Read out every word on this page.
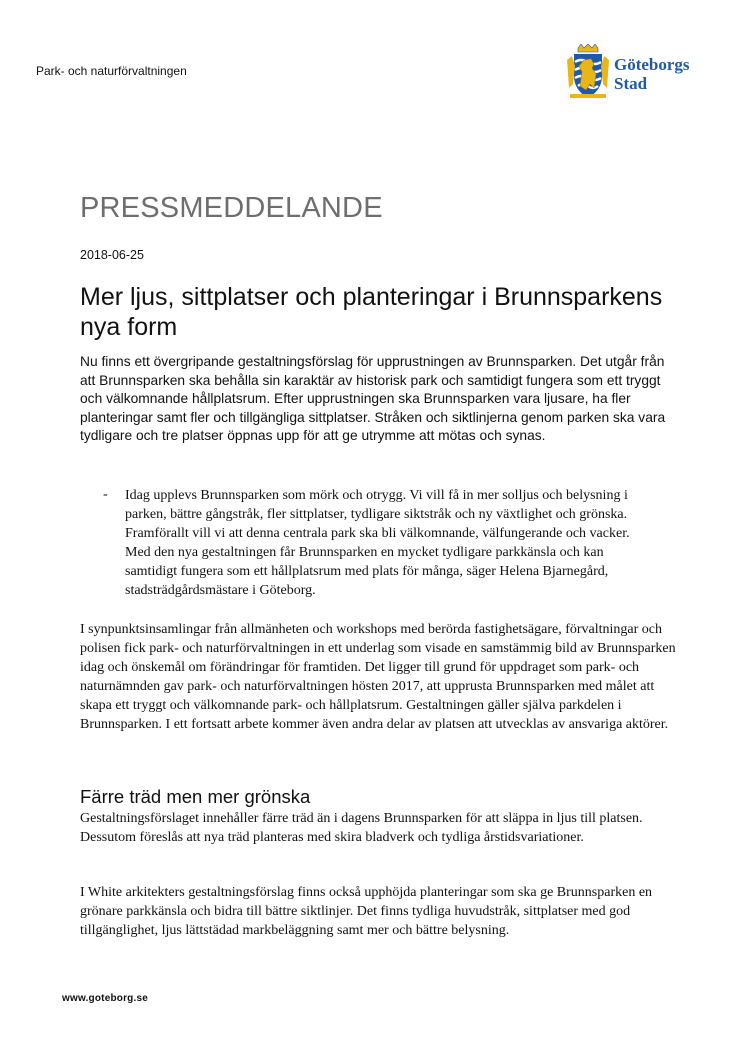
Park- och naturförvaltningen	Göteborgs
Stad
PRESSMEDDELANDE
2018-06-25
Mer ljus, sittplatser och planteringar i Brunnsparkens nya form

Nu finns ett övergripande gestaltningsförslag för upprustningen av Brunnsparken. Det utgår från att Brunnsparken ska behålla sin karaktär av historisk park och samtidigt fungera som ett tryggt och välkomnande hållplatsrum. Efter upprustningen ska Brunnsparken vara ljusare, ha fler planteringar samt fler och tillgängliga sittplatser. Stråken och siktlinjerna genom parken ska vara tydligare och tre platser öppnas upp för att ge utrymme att mötas och synas.

- Idag upplevs Brunnsparken som mörk och otrygg. Vi vill få in mer solljus och belysning i parken, bättre gångstråk, fler sittplatser, tydligare siktstråk och ny växtlighet och grönska. Framförallt vill vi att denna centrala park ska bli välkomnande, välfungerande och vacker. Med den nya gestaltningen får Brunnsparken en mycket tydligare parkkänsla och kan samtidigt fungera som ett hållplatsrum med plats för många, säger Helena Bjarnegård, stadsträdgårdsmästare i Göteborg.

I synpunktsinsamlingar från allmänheten och workshops med berörda fastighetsägare, förvaltningar och polisen fick park- och naturförvaltningen in ett underlag som visade en samstämmig bild av Brunnsparken idag och önskemål om förändringar för framtiden. Det ligger till grund för uppdraget som park- och naturnämnden gav park- och naturförvaltningen hösten 2017, att upprusta Brunnsparken med målet att skapa ett tryggt och välkomnande park- och hållplatsrum. Gestaltningen gäller själva parkdelen i Brunnsparken. I ett fortsatt arbete kommer även andra delar av platsen att utvecklas av ansvariga aktörer.

Färre träd men mer grönska

Gestaltningsförslaget innehåller färre träd än i dagens Brunnsparken för att släppa in ljus till platsen. Dessutom föreslås att nya träd planteras med skira bladverk och tydliga årstidsvariationer.

I White arkitekters gestaltningsförslag finns också upphöjda planteringar som ska ge Brunnsparken en grönare parkkänsla och bidra till bättre siktlinjer. Det finns tydliga huvudstråk, sittplatser med god tillgänglighet, ljus lättstädad markbeläggning samt mer och bättre belysning.

www.goteborg.se
